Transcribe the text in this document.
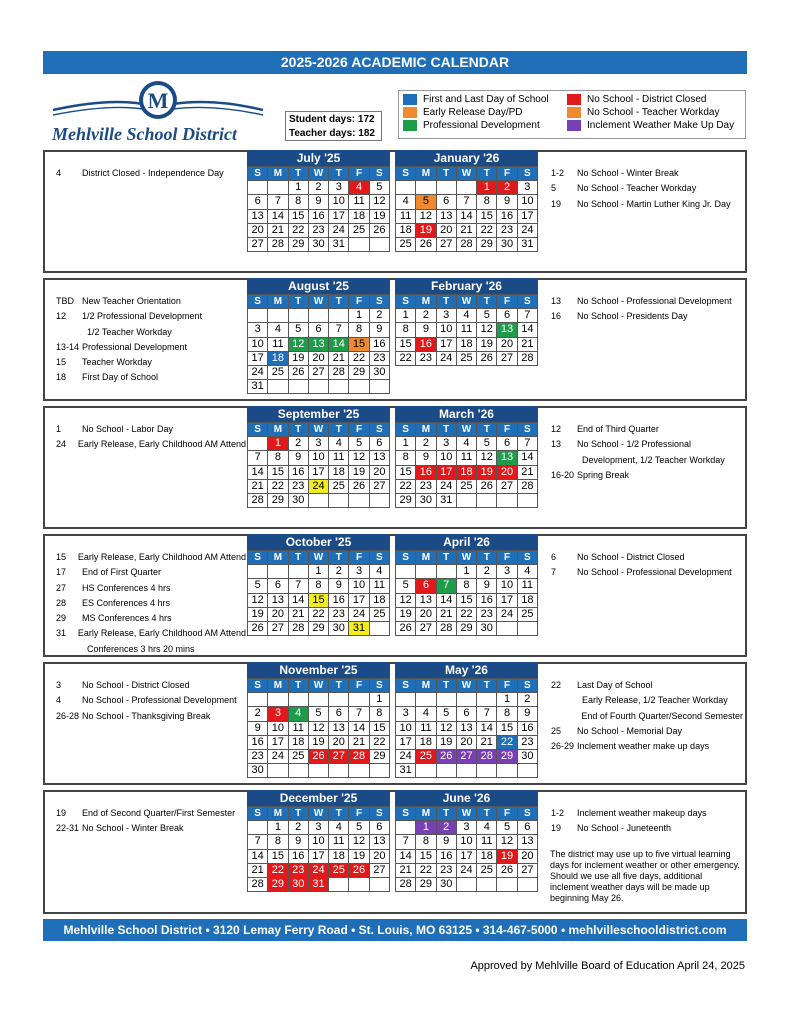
2025-2026 ACADEMIC CALENDAR
M
Mehlville School District
Student days: 172
Teacher days: 182
First and Last Day of School
Early Release Day/PD
Professional Development
No School - District Closed
No School - Teacher Workday
Inclement Weather Make Up Day
The district may use up to five virtual learning days for inclement weather or other emergency. Should we use all five days, additional inclement weather days will be made up beginning May 26.
Mehlville School District • 3120 Lemay Ferry Road • St. Louis, MO 63125 • 314-467-5000 • mehlvilleschooldistrict.com
Approved by Mehlville Board of Education April 24, 2025
4	District Closed - Independence Day	1-2	No School - Winter Break
5	No School - Teacher Workday
19	No School - Martin Luther King Jr. Day
July '25
S	M	T	W	T	F	S
		1	2	3	4	5
6	7	8	9	10	11	12
13	14	15	16	17	18	19
20	21	22	23	24	25	26
27	28	29	30	31		
January '26
S	M	T	W	T	F	S
				1	2	3
4	5	6	7	8	9	10
11	12	13	14	15	16	17
18	19	20	21	22	23	24
25	26	27	28	29	30	31
TBD New Teacher Orientation
12	1/2 Professional Development
1/2 Teacher Workday
13-14 Professional Development
15	Teacher Workday
18	First Day of School
13	No School - Professional Development
16	No School - Presidents Day
August '25
S	M	T	W	T	F	S
					1	2
3	4	5	6	7	8	9
10	11	12	13	14	15	16
17	18	19	20	21	22	23
24	25	26	27	28	29	30
31						
February '26
S	M	T	W	T	F	S
1	2	3	4	5	6	7
8	9	10	11	12	13	14
15	16	17	18	19	20	21
22	23	24	25	26	27	28
1	No School - Labor Day
24	Early Release, Early Childhood AM Attend
12	End of Third Quarter
13	No School - 1/2 Professional
Development, 1/2 Teacher Workday
16-20 Spring Break
September '25
S	M	T	W	T	F	S
	1	2	3	4	5	6
7	8	9	10	11	12	13
14	15	16	17	18	19	20
21	22	23	24	25	26	27
28	29	30				
March '26
S	M	T	W	T	F	S
1	2	3	4	5	6	7
8	9	10	11	12	13	14
15	16	17	18	19	20	21
22	23	24	25	26	27	28
29	30	31				
15	Early Release, Early Childhood AM Attend
17	End of First Quarter
27	HS Conferences 4 hrs
28	ES Conferences 4 hrs
29	MS Conferences 4 hrs
31	Early Release, Early Childhood AM Attend
Conferences 3 hrs 20 mins
6	No School - District Closed
7	No School - Professional Development
October '25
S	M	T	W	T	F	S
			1	2	3	4
5	6	7	8	9	10	11
12	13	14	15	16	17	18
19	20	21	22	23	24	25
26	27	28	29	30	31	
April '26
S	M	T	W	T	F	S
			1	2	3	4
5	6	7	8	9	10	11
12	13	14	15	16	17	18
19	20	21	22	23	24	25
26	27	28	29	30		
3	No School - District Closed
4	No School - Professional Development
26-28 No School - Thanksgiving Break
22	Last Day of School
Early Release, 1/2 Teacher Workday
End of Fourth Quarter/Second Semester
25	No School - Memorial Day
26-29 Inclement weather make up days
November '25
S	M	T	W	T	F	S
						1
2	3	4	5	6	7	8
9	10	11	12	13	14	15
16	17	18	19	20	21	22
23	24	25	26	27	28	29
30						
May '26
S	M	T	W	T	F	S
					1	2
3	4	5	6	7	8	9
10	11	12	13	14	15	16
17	18	19	20	21	22	23
24	25	26	27	28	29	30
31						
19	End of Second Quarter/First Semester
22-31 No School - Winter Break
1-2	Inclement weather makeup days
19	No School - Juneteenth
December '25
S	M	T	W	T	F	S
	1	2	3	4	5	6
7	8	9	10	11	12	13
14	15	16	17	18	19	20
21	22	23	24	25	26	27
28	29	30	31			
June '26
S	M	T	W	T	F	S
	1	2	3	4	5	6
7	8	9	10	11	12	13
14	15	16	17	18	19	20
21	22	23	24	25	26	27
28	29	30				
